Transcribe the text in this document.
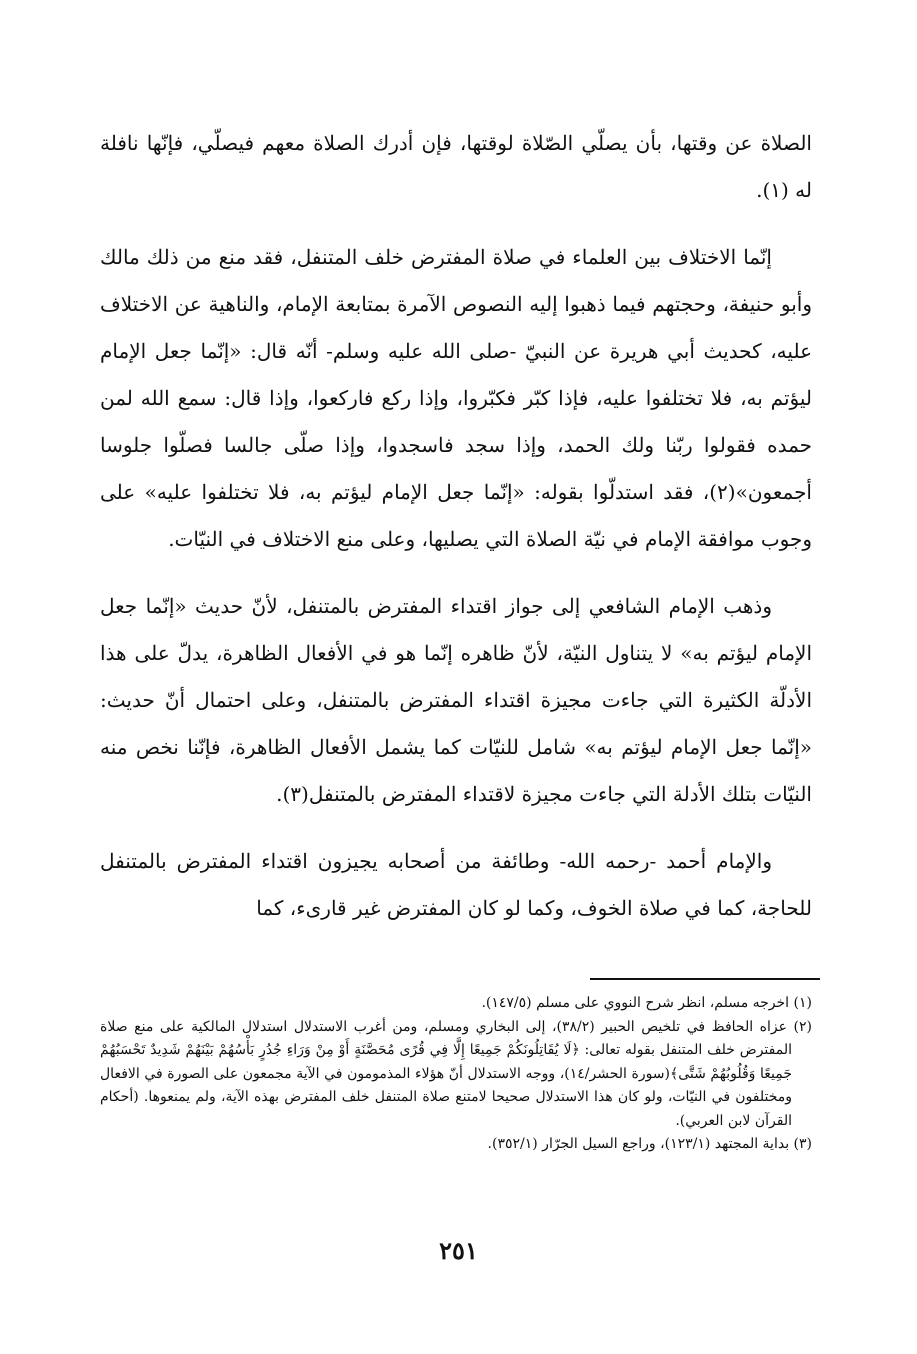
الصلاة عن وقتها، بأن يصلّي الصّلاة لوقتها، فإن أدرك الصلاة معهم فيصلّي، فإنّها نافلة له (١).

إنّما الاختلاف بين العلماء في صلاة المفترض خلف المتنفل، فقد منع من ذلك مالك وأبو حنيفة، وحجتهم فيما ذهبوا إليه النصوص الآمرة بمتابعة الإمام، والناهية عن الاختلاف عليه، كحديث أبي هريرة عن النبيّ -صلى الله عليه وسلم- أنّه قال: «إنّما جعل الإمام ليؤتم به، فلا تختلفوا عليه، فإذا كبّر فكبّروا، وإذا ركع فاركعوا، وإذا قال: سمع الله لمن حمده فقولوا ربّنا ولك الحمد، وإذا سجد فاسجدوا، وإذا صلّى جالسا فصلّوا جلوسا أجمعون»(٢)، فقد استدلّوا بقوله: «إنّما جعل الإمام ليؤتم به، فلا تختلفوا عليه» على وجوب موافقة الإمام في نيّة الصلاة التي يصليها، وعلى منع الاختلاف في النيّات.

وذهب الإمام الشافعي إلى جواز اقتداء المفترض بالمتنفل، لأنّ حديث «إنّما جعل الإمام ليؤتم به» لا يتناول النيّة، لأنّ ظاهره إنّما هو في الأفعال الظاهرة، يدلّ على هذا الأدلّة الكثيرة التي جاءت مجيزة اقتداء المفترض بالمتنفل، وعلى احتمال أنّ حديث: «إنّما جعل الإمام ليؤتم به» شامل للنيّات كما يشمل الأفعال الظاهرة، فإنّنا نخص منه النيّات بتلك الأدلة التي جاءت مجيزة لاقتداء المفترض بالمتنفل(٣).

والإمام أحمد -رحمه الله- وطائفة من أصحابه يجيزون اقتداء المفترض بالمتنفل للحاجة، كما في صلاة الخوف، وكما لو كان المفترض غير قارىء، كما

(١) اخرجه مسلم، انظر شرح النووي على مسلم (١٤٧/٥).

(٢) عزاه الحافظ في تلخيص الحبير (٣٨/٢)، إلى البخاري ومسلم، ومن أغرب الاستدلال استدلال المالكية على منع صلاة المفترض خلف المتنفل بقوله تعالى: ﴿لَا يُقَاتِلُونَكُمْ جَمِيعًا إِلَّا فِي قُرًى مُحَصَّنَةٍ أَوْ مِنْ وَرَاءِ جُدُرٍ بَأْسُهُمْ بَيْنَهُمْ شَدِيدٌ تَحْسَبُهُمْ جَمِيعًا وَقُلُوبُهُمْ شَتَّى﴾(سورة الحشر/١٤)، ووجه الاستدلال أنّ هؤلاء المذمومون في الآية مجمعون على الصورة في الافعال ومختلفون في النيّات، ولو كان هذا الاستدلال صحيحا لامتنع صلاة المتنفل خلف المفترض بهذه الآية، ولم يمنعوها. (أحكام القرآن لابن العربي).

(٣) بداية المجتهد (١٢٣/١)، وراجع السيل الجرّار (٣٥٢/١).

٢٥١
